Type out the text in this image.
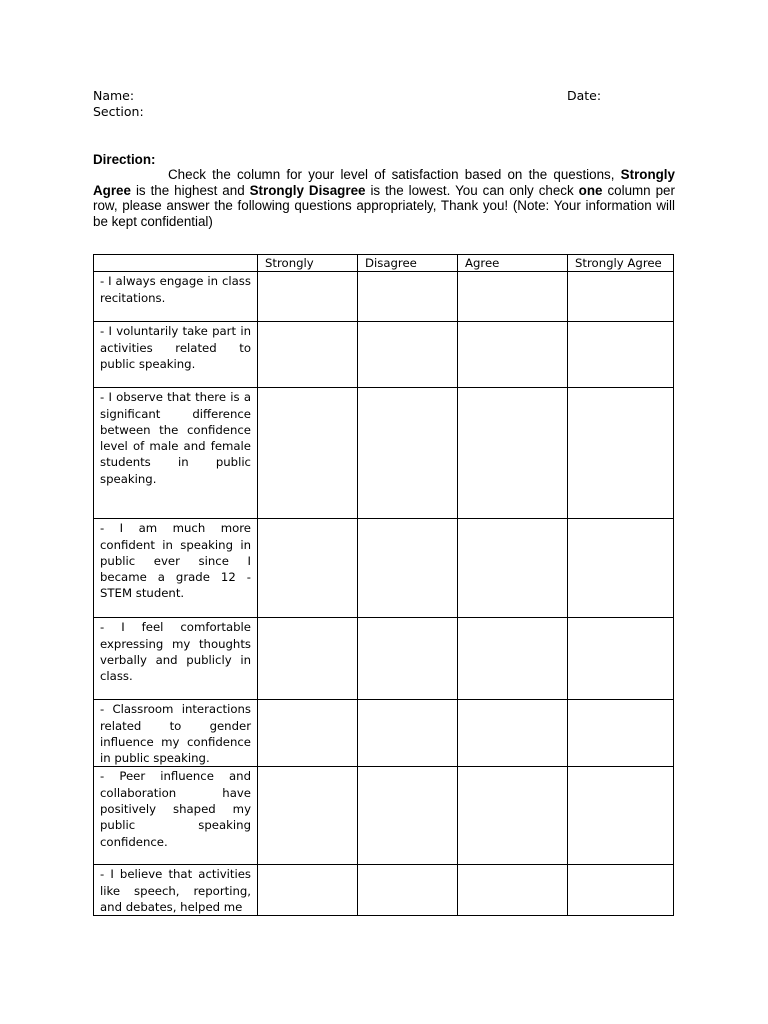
Name:
Section:
Date:
Direction:

Check the column for your level of satisfaction based on the questions, Strongly Agree is the highest and Strongly Disagree is the lowest. You can only check one column per row, please answer the following questions appropriately, Thank you! (Note: Your information will be kept confidential)

	Strongly	Disagree	Agree	Strongly Agree
- I always engage in class recitations.				
- I voluntarily take part in activities related to public speaking.				
- I observe that there is a significant difference between the confidence level of male and female students in public speaking.				
- I am much more confident in speaking in public ever since I became a grade 12 - STEM student.				
- I feel comfortable expressing my thoughts verbally and publicly in class.				
- Classroom interactions related to gender influence my confidence in public speaking.				
- Peer influence and collaboration have positively shaped my public speaking confidence.				
- I believe that activities like speech, reporting, and debates, helped me				
